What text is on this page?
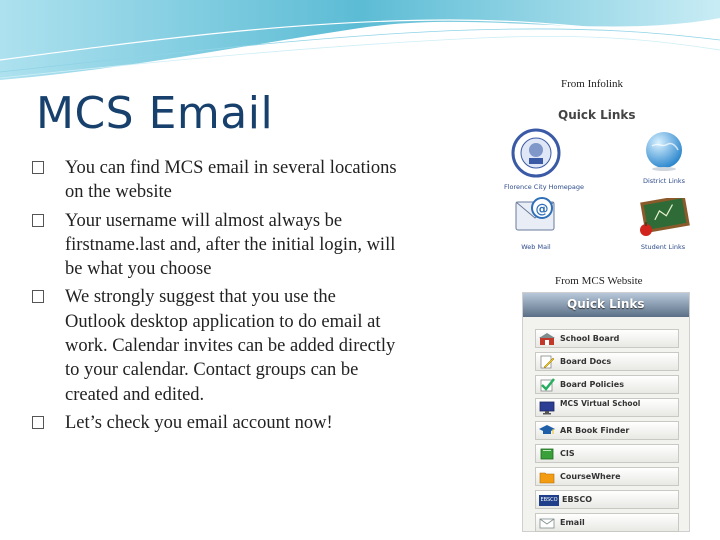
MCS Email
You can find MCS email in several locations on the website
Your username will almost always be firstname.last and, after the initial login, will be what you choose
We strongly suggest that you use the Outlook desktop application to do email at work. Calendar invites can be added directly to your calendar. Contact groups can be created and edited.
Let’s check you email account now!
From Infolink
Quick Links
Florence City Homepage
District Links
@
Web Mail	Student Links
From MCS Website
Quick Links
School Board
Board Docs
Board Policies
MCS Virtual School
AR Book Finder
CIS
CourseWhere
EBSCO EBSCO
Email
